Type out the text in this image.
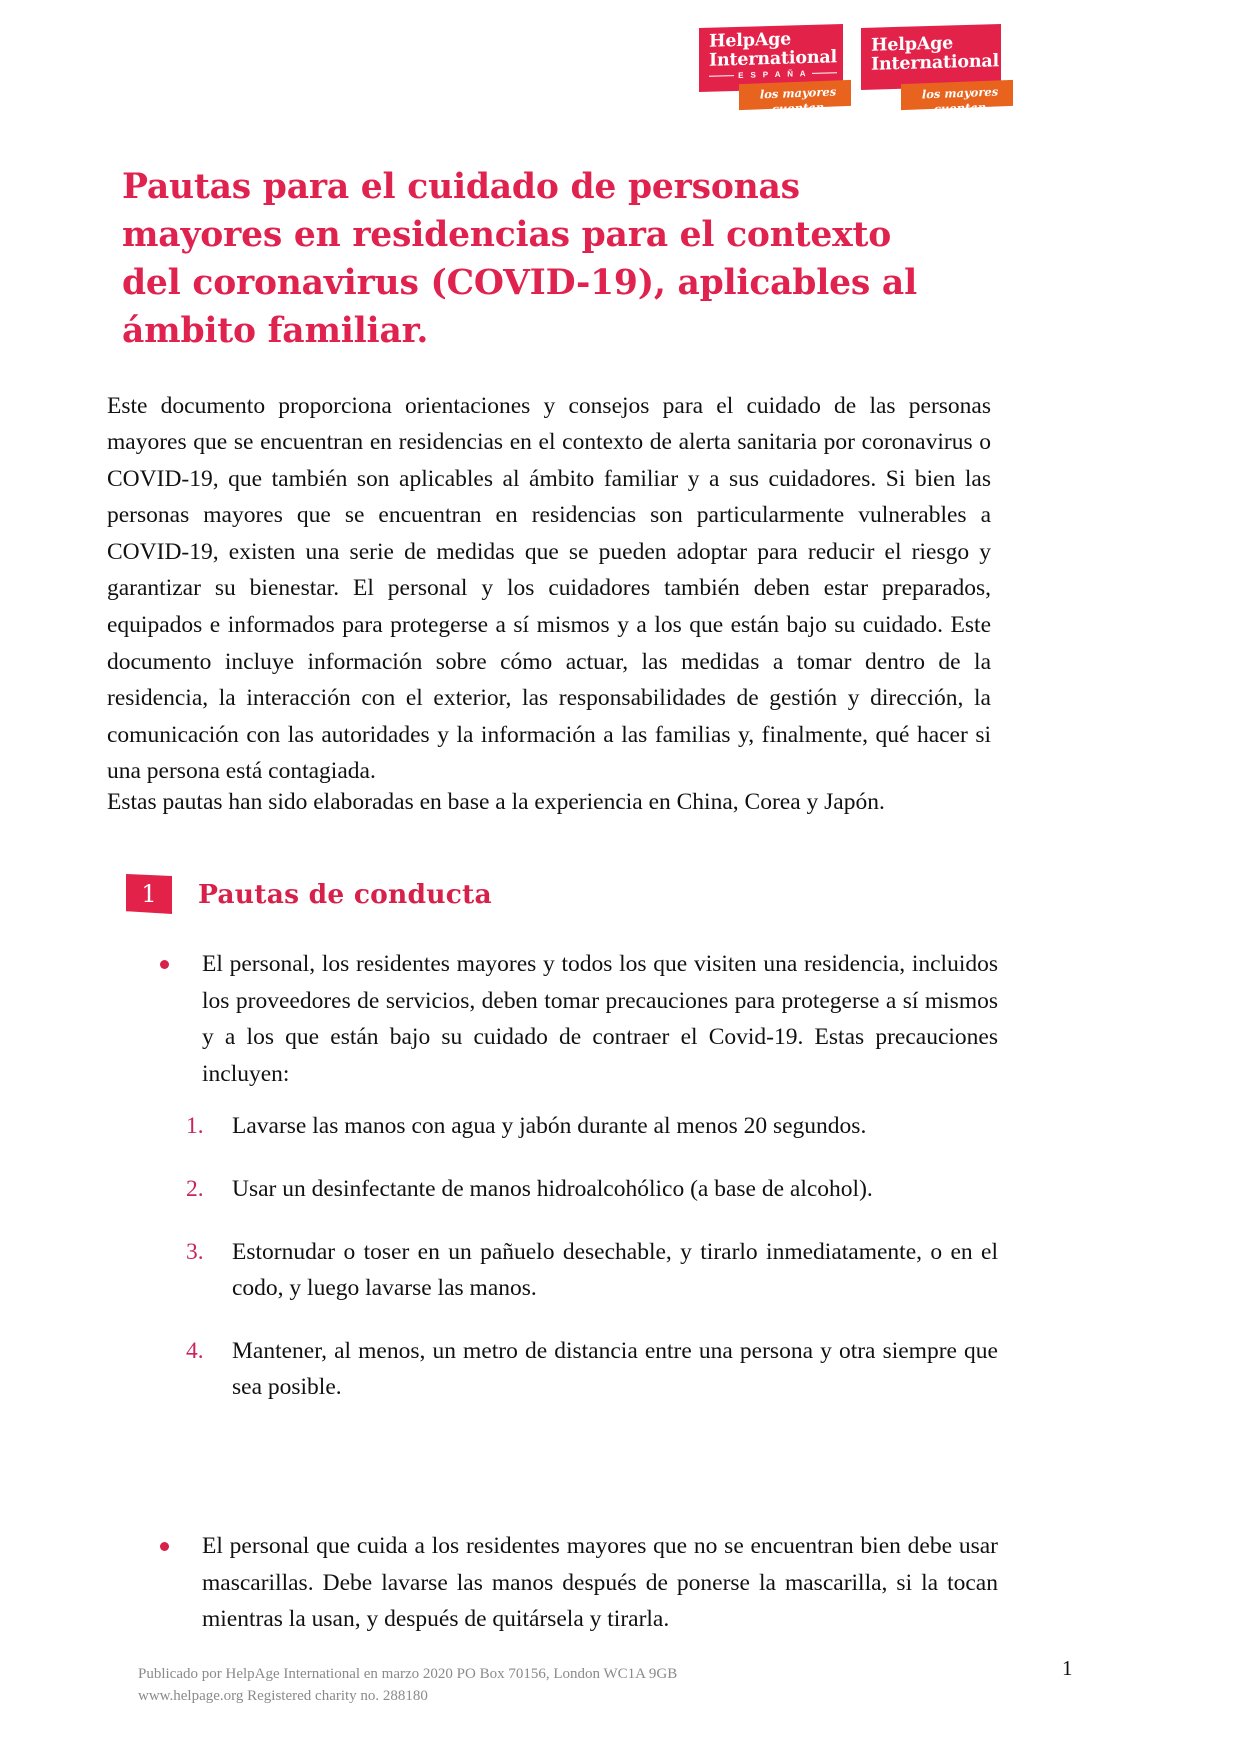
HelpAge
International
E S P A Ñ A
los mayores cuentan
HelpAge
International
los mayores cuentan
Pautas para el cuidado de personas mayores en residencias para el contexto del coronavirus (COVID-19), aplicables al ámbito familiar.

Este documento proporciona orientaciones y consejos para el cuidado de las personas mayores que se encuentran en residencias en el contexto de alerta sanitaria por coronavirus o COVID-19, que también son aplicables al ámbito familiar y a sus cuidadores. Si bien las personas mayores que se encuentran en residencias son particularmente vulnerables a COVID-19, existen una serie de medidas que se pueden adoptar para reducir el riesgo y garantizar su bienestar. El personal y los cuidadores también deben estar preparados, equipados e informados para protegerse a sí mismos y a los que están bajo su cuidado. Este documento incluye información sobre cómo actuar, las medidas a tomar dentro de la residencia, la interacción con el exterior, las responsabilidades de gestión y dirección, la comunicación con las autoridades y la información a las familias y, finalmente, qué hacer si una persona está contagiada.

Estas pautas han sido elaboradas en base a la experiencia en China, Corea y Japón.

1	Pautas de conducta
El personal, los residentes mayores y todos los que visiten una residencia, incluidos los proveedores de servicios, deben tomar precauciones para protegerse a sí mismos y a los que están bajo su cuidado de contraer el Covid-19. Estas precauciones incluyen:
1.	Lavarse las manos con agua y jabón durante al menos 20 segundos.
2.	Usar un desinfectante de manos hidroalcohólico (a base de alcohol).
3.	Estornudar o toser en un pañuelo desechable, y tirarlo inmediatamente, o en el codo, y luego lavarse las manos.
4.	Mantener, al menos, un metro de distancia entre una persona y otra siempre que sea posible.
El personal que cuida a los residentes mayores que no se encuentran bien debe usar mascarillas. Debe lavarse las manos después de ponerse la mascarilla, si la tocan mientras la usan, y después de quitársela y tirarla.
Publicado por HelpAge International en marzo 2020 PO Box 70156, London WC1A 9GB
www.helpage.org Registered charity no. 288180
1
